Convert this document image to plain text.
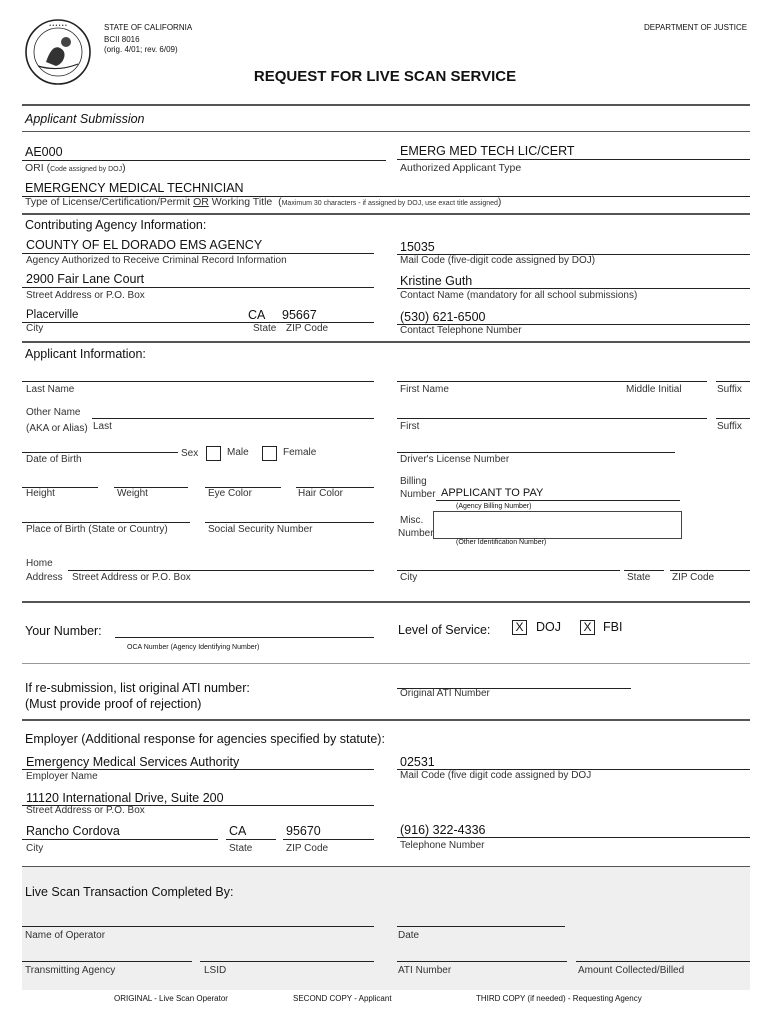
• • • • • •	STATE OF CALIFORNIA
BCII 8016
(orig. 4/01; rev. 6/09)
DEPARTMENT OF JUSTICE
REQUEST FOR LIVE SCAN SERVICE
Applicant Submission
AE000
ORI (Code assigned by DOJ)
EMERG MED TECH LIC/CERT
Authorized Applicant Type
EMERGENCY MEDICAL TECHNICIAN
Type of License/Certification/Permit OR Working Title (Maximum 30 characters - if assigned by DOJ, use exact title assigned)
Contributing Agency Information:
COUNTY OF EL DORADO EMS AGENCY
Agency Authorized to Receive Criminal Record Information
15035
Mail Code (five-digit code assigned by DOJ)
2900 Fair Lane Court
Street Address or P.O. Box
Kristine Guth
Contact Name (mandatory for all school submissions)
Placerville	CA 95667
City	State ZIP Code
(530) 621-6500
Contact Telephone Number
Applicant Information:
Last Name	First Name	Middle Initial	Suffix
Other Name
(AKA or Alias) Last	First	Suffix
Date of Birth
Sex	Male	Female
Driver's License Number
Height	Weight	Eye Color	Hair Color
Billing
Number APPLICANT TO PAY
(Agency Billing Number)
Place of Birth (State or Country)	Social Security Number
Misc.
Number
(Other Identification Number)
Home
Address Street Address or P.O. Box	City	State ZIP Code
Your Number:
OCA Number (Agency Identifying Number)
Level of Service: X DOJ X FBI
If re-submission, list original ATI number:
(Must provide proof of rejection)
Original ATI Number
Employer (Additional response for agencies specified by statute):
Emergency Medical Services Authority
Employer Name
02531
Mail Code (five digit code assigned by DOJ
11120 International Drive, Suite 200
Street Address or P.O. Box
Rancho Cordova	CA	95670
City	State	ZIP Code
(916) 322-4336
Telephone Number
Live Scan Transaction Completed By:
Name of Operator	Date
Transmitting Agency	LSID	ATI Number	Amount Collected/Billed
ORIGINAL - Live Scan Operator	SECOND COPY - Applicant	THIRD COPY (if needed) - Requesting Agency
